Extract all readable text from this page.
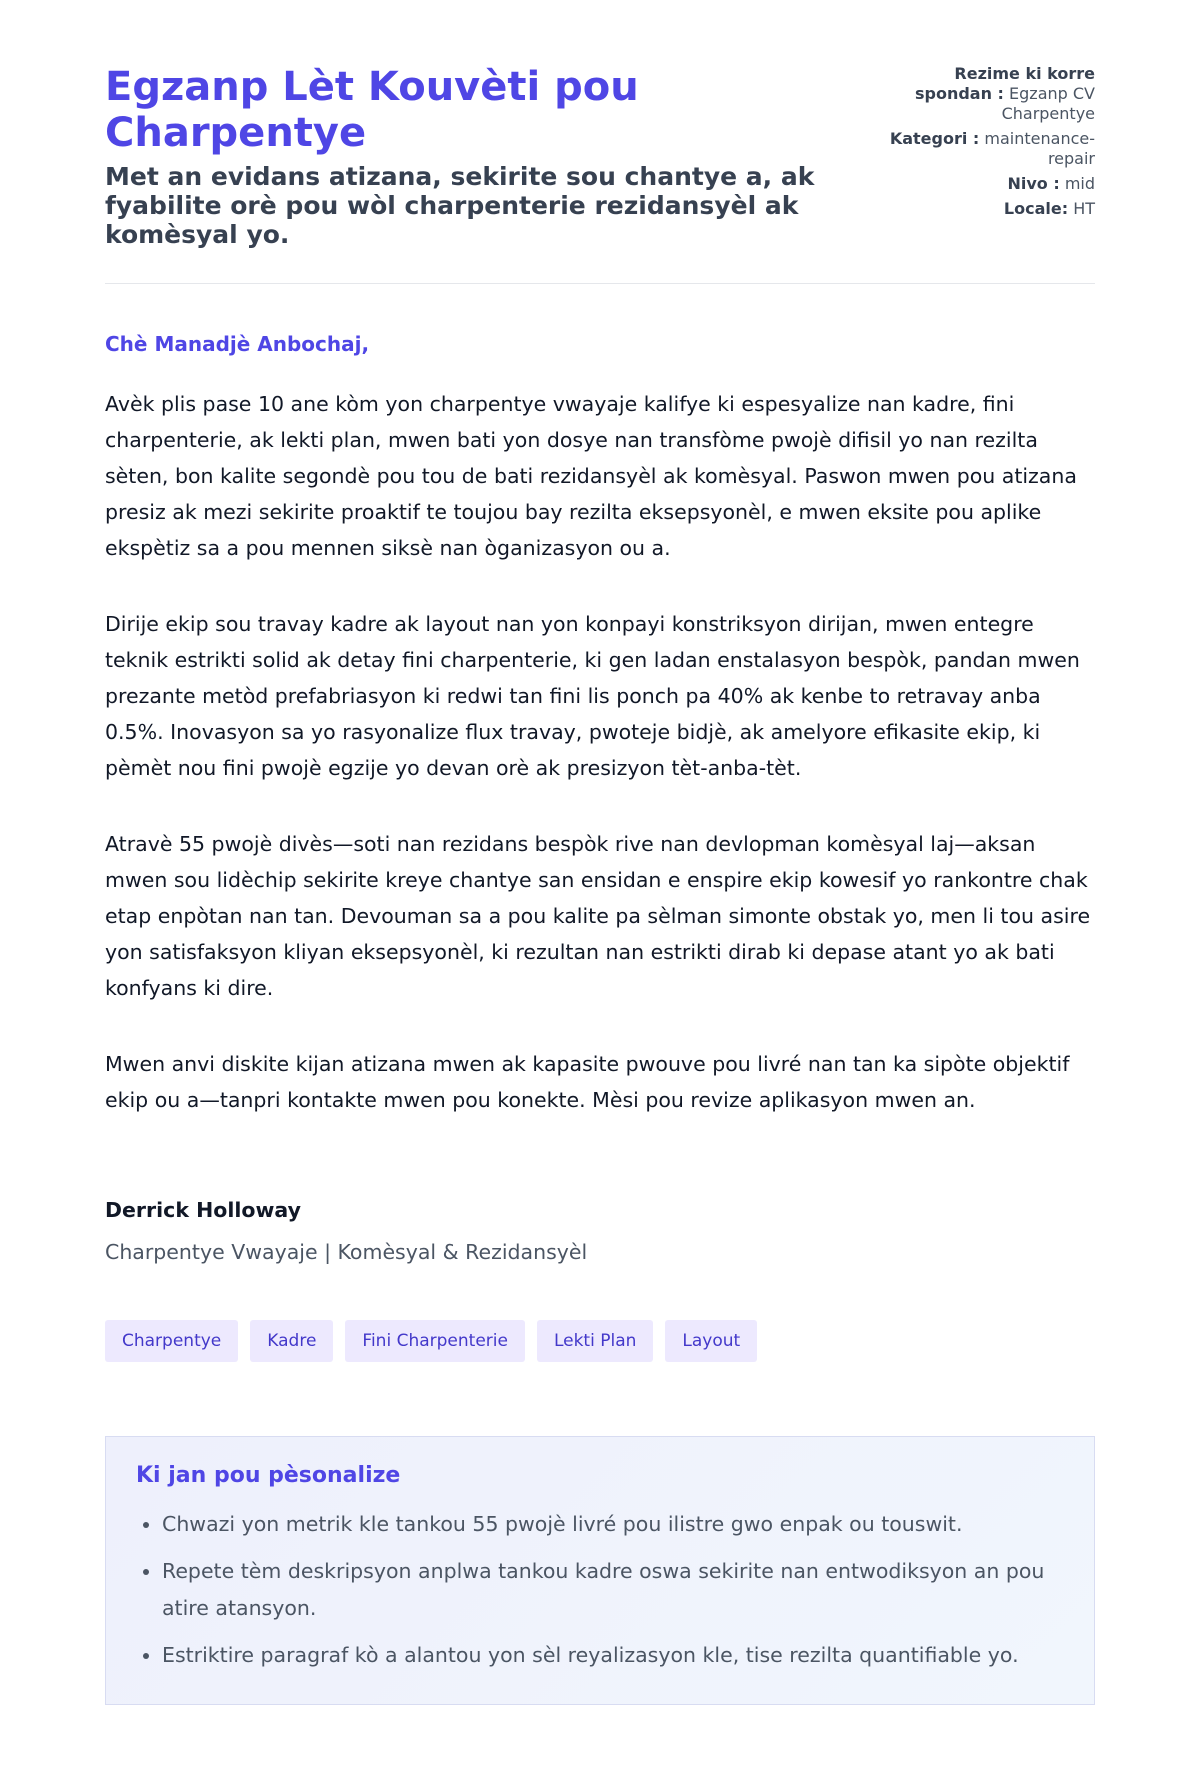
Egzanp Lèt Kouvèti pou Charpentye

Met an evidans atizana, sekirite sou chantye a, ak fyabilite orè pou wòl charpenterie rezidansyèl ak komèsyal yo.

Rezime ki korre spondan : Egzanp CV Charpentye
Kategori : maintenance-repair
Nivo : mid
Locale: HT

Chè Manadjè Anbochaj,

Avèk plis pase 10 ane kòm yon charpentye vwayaje kalifye ki espesyalize nan kadre, fini charpenterie, ak lekti plan, mwen bati yon dosye nan transfòme pwojè difisil yo nan rezilta sèten, bon kalite segondè pou tou de bati rezidansyèl ak komèsyal. Paswon mwen pou atizana presiz ak mezi sekirite proaktif te toujou bay rezilta eksepsyonèl, e mwen eksite pou aplike ekspètiz sa a pou mennen siksè nan òganizasyon ou a.

Dirije ekip sou travay kadre ak layout nan yon konpayi konstriksyon dirijan, mwen entegre teknik estrikti solid ak detay fini charpenterie, ki gen ladan enstalasyon bespòk, pandan mwen prezante metòd prefabriasyon ki redwi tan fini lis ponch pa 40% ak kenbe to retravay anba 0.5%. Inovasyon sa yo rasyonalize flux travay, pwoteje bidjè, ak amelyore efikasite ekip, ki pèmèt nou fini pwojè egzije yo devan orè ak presizyon tèt-anba-tèt.

Atravè 55 pwojè divès—soti nan rezidans bespòk rive nan devlopman komèsyal laj—aksan mwen sou lidèchip sekirite kreye chantye san ensidan e enspire ekip kowesif yo rankontre chak etap enpòtan nan tan. Devouman sa a pou kalite pa sèlman simonte obstak yo, men li tou asire yon satisfaksyon kliyan eksepsyonèl, ki rezultan nan estrikti dirab ki depase atant yo ak bati konfyans ki dire.

Mwen anvi diskite kijan atizana mwen ak kapasite pwouve pou livré nan tan ka sipòte objektif ekip ou a—tanpri kontakte mwen pou konekte. Mèsi pou revize aplikasyon mwen an.

Derrick Holloway

Charpentye Vwayaje | Komèsyal & Rezidansyèl

Charpentye	Kadre	Fini Charpenterie	Lekti Plan	Layout
Ki jan pou pèsonalize
• Chwazi yon metrik kle tankou 55 pwojè livré pou ilistre gwo enpak ou touswit.
• Repete tèm deskripsyon anplwa tankou kadre oswa sekirite nan entwodiksyon an pou atire atansyon.
• Estriktire paragraf kò a alantou yon sèl reyalizasyon kle, tise rezilta quantifiable yo.
